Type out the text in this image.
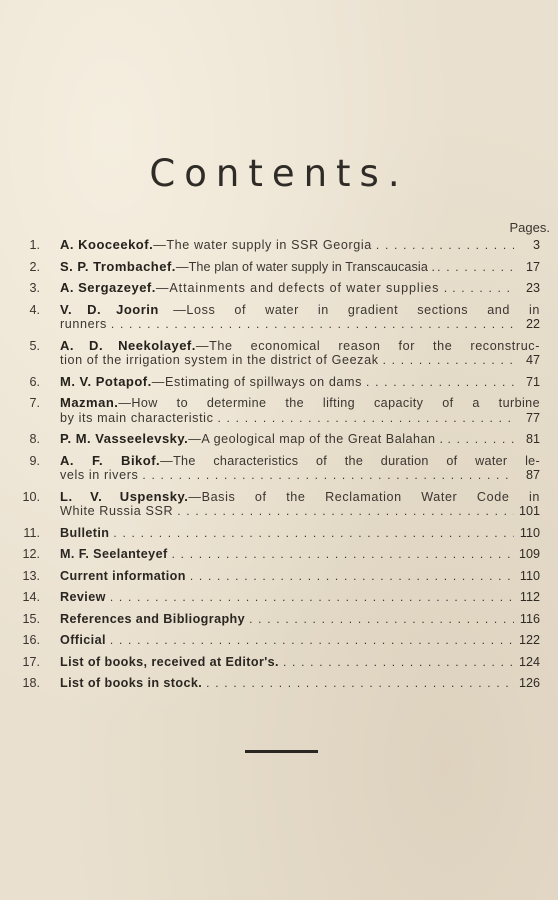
Contents.
Pages.
1. A. Kooceekof. —The water supply in SSR Georgia . . .	3
2. S. P. Trombachef. —The plan of water supply in Transcaucasia . . . .	17
3. A. Sergazeyef. —Attainments and defects of water supplies . . . .	23
4. V. D. Joorin —Loss of water in gradient sections and in
runners . . .	22
5. A. D. Neekolayef.—The economical reason for the reconstruc-
tion of the irrigation system in the district of Geezak . . .	47
6. M. V. Potapof. —Estimating of spillways on dams . . .	71
7. Mazman.—How to determine the lifting capacity of a turbine
by its main characteristic . . .	77
8. P. M. Vasseelevsky. —A geological map of the Great Balahan . . . .	81
9. A. F. Bikof.—The characteristics of the duration of water le-
vels in rivers . . .	87
10. L. V. Uspensky.—Basis of the Reclamation Water Code in
White Russia SSR . . .	101
11. Bulletin . . .	110
12. M. F. Seelanteyef . . .	109
13. Current information . . .	110
14. Review . . .	112
15. References and Bibliography . . .	116
16. Official . . .	122
17. List of books, received at Editor's. . . .	124
18. List of books in stock. . . .	126
